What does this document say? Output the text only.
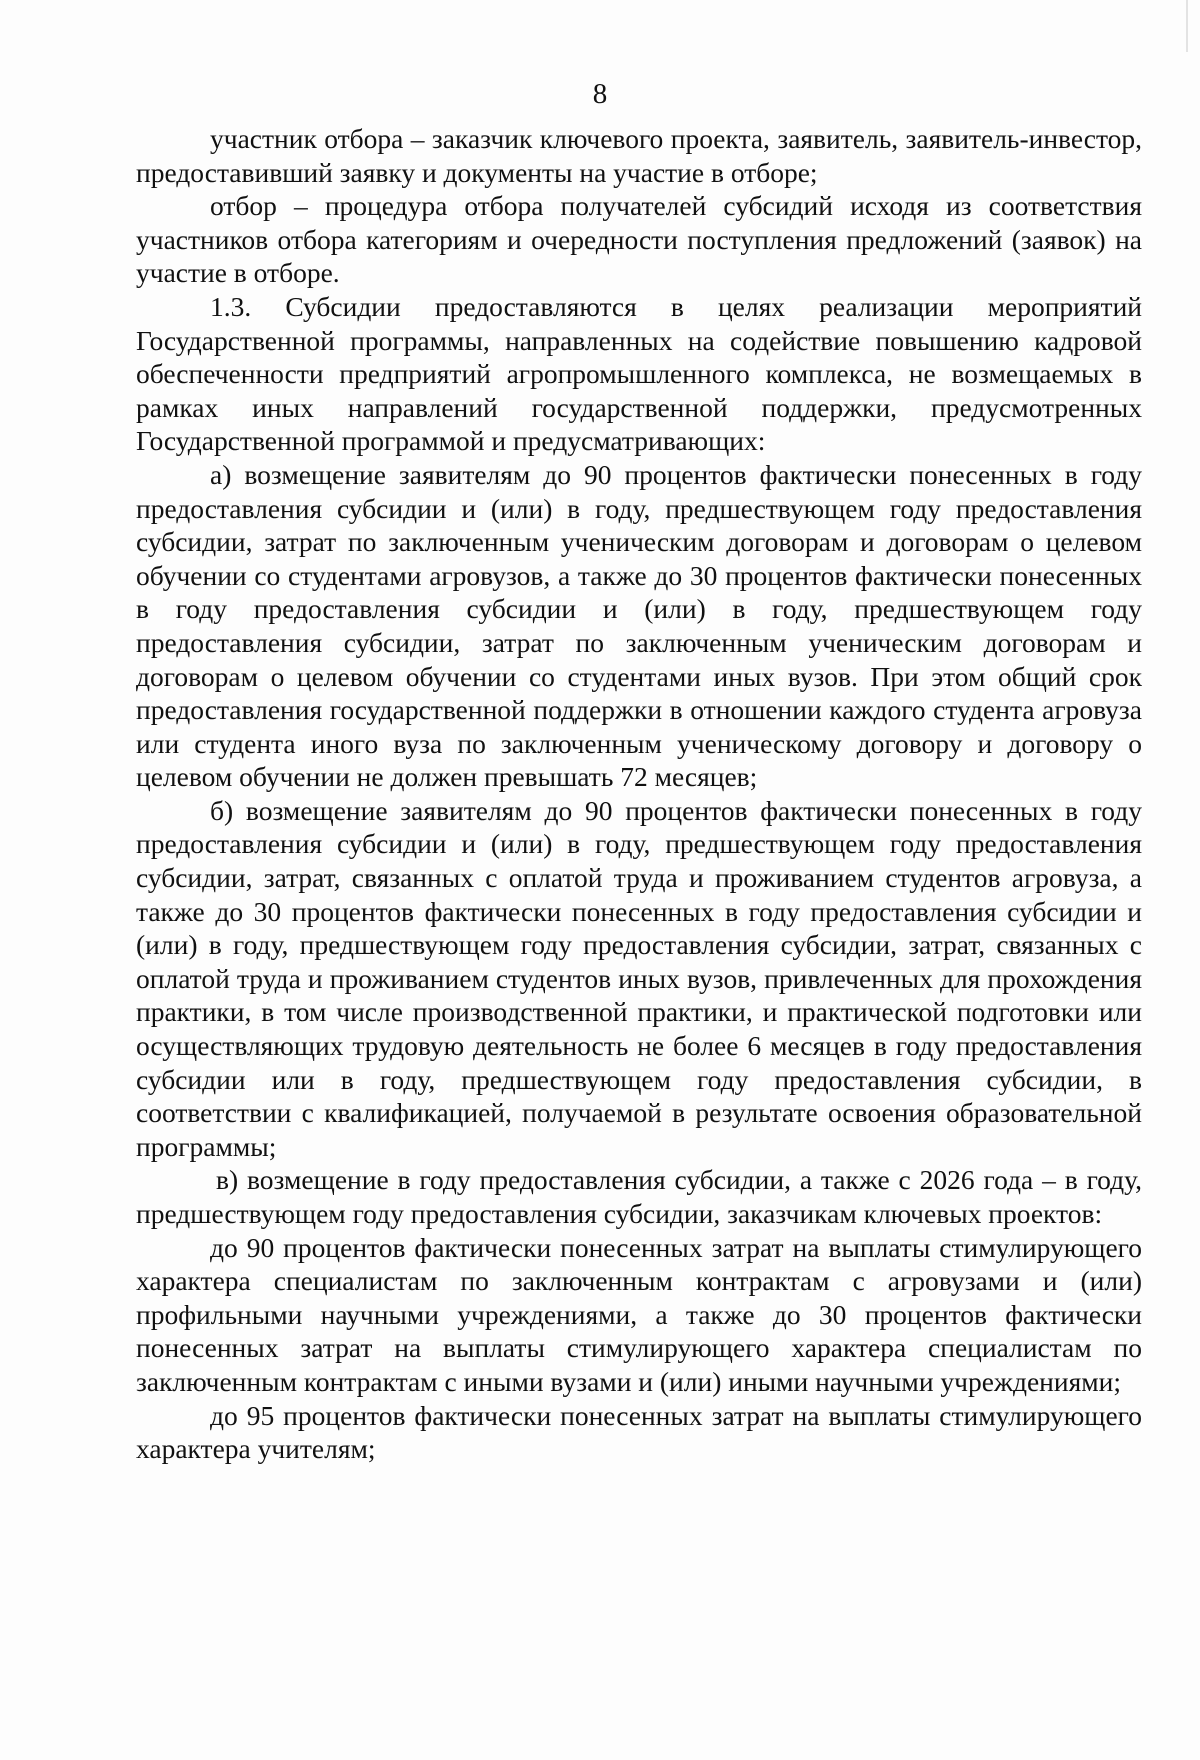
8

участник отбора – заказчик ключевого проекта, заявитель, заявитель-инвестор, предоставивший заявку и документы на участие в отборе;

отбор – процедура отбора получателей субсидий исходя из соответствия участников отбора категориям и очередности поступления предложений (заявок) на участие в отборе.

1.3. Субсидии предоставляются в целях реализации мероприятий Государственной программы, направленных на содействие повышению кадровой обеспеченности предприятий агропромышленного комплекса, не возмещаемых в рамках иных направлений государственной поддержки, предусмотренных Государственной программой и предусматривающих:

а) возмещение заявителям до 90 процентов фактически понесенных в году предоставления субсидии и (или) в году, предшествующем году предоставления субсидии, затрат по заключенным ученическим договорам и договорам о целевом обучении со студентами агровузов, а также до 30 процентов фактически понесенных в году предоставления субсидии и (или) в году, предшествующем году предоставления субсидии, затрат по заключенным ученическим договорам и договорам о целевом обучении со студентами иных вузов. При этом общий срок предоставления государственной поддержки в отношении каждого студента агровуза или студента иного вуза по заключенным ученическому договору и договору о целевом обучении не должен превышать 72 месяцев;

б) возмещение заявителям до 90 процентов фактически понесенных в году предоставления субсидии и (или) в году, предшествующем году предоставления субсидии, затрат, связанных с оплатой труда и проживанием студентов агровуза, а также до 30 процентов фактически понесенных в году предоставления субсидии и (или) в году, предшествующем году предоставления субсидии, затрат, связанных с оплатой труда и проживанием студентов иных вузов, привлеченных для прохождения практики, в том числе производственной практики, и практической подготовки или осуществляющих трудовую деятельность не более 6 месяцев в году предоставления субсидии или в году, предшествующем году предоставления субсидии, в соответствии с квалификацией, получаемой в результате освоения образовательной программы;

в) возмещение в году предоставления субсидии, а также с 2026 года – в году, предшествующем году предоставления субсидии, заказчикам ключевых проектов:

до 90 процентов фактически понесенных затрат на выплаты стимулирующего характера специалистам по заключенным контрактам с агровузами и (или) профильными научными учреждениями, а также до 30 процентов фактически понесенных затрат на выплаты стимулирующего характера специалистам по заключенным контрактам с иными вузами и (или) иными научными учреждениями;

до 95 процентов фактически понесенных затрат на выплаты стимулирующего характера учителям;
